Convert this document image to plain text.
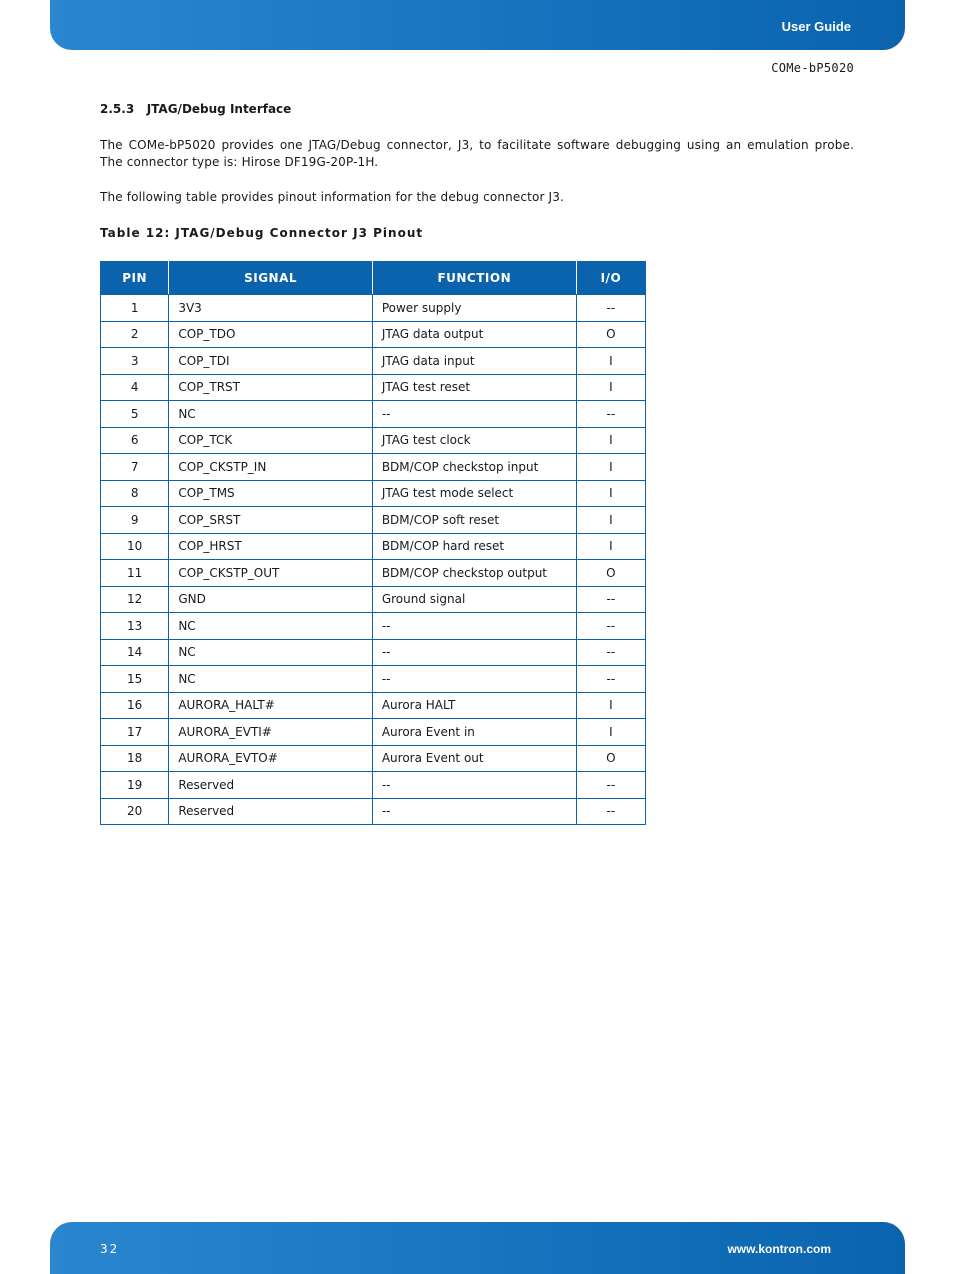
User Guide
COMe-bP5020
2.5.3   JTAG/Debug Interface
The COMe-bP5020 provides one JTAG/Debug connector, J3, to facilitate software debugging using an emulation probe. The connector type is: Hirose DF19G-20P-1H.
The following table provides pinout information for the debug connector J3.
Table 12: JTAG/Debug Connector J3 Pinout
PIN	SIGNAL	FUNCTION	I/O
1	3V3	Power supply	--
2	COP_TDO	JTAG data output	O
3	COP_TDI	JTAG data input	I
4	COP_TRST	JTAG test reset	I
5	NC	--	--
6	COP_TCK	JTAG test clock	I
7	COP_CKSTP_IN	BDM/COP checkstop input	I
8	COP_TMS	JTAG test mode select	I
9	COP_SRST	BDM/COP soft reset	I
10	COP_HRST	BDM/COP hard reset	I
11	COP_CKSTP_OUT	BDM/COP checkstop output	O
12	GND	Ground signal	--
13	NC	--	--
14	NC	--	--
15	NC	--	--
16	AURORA_HALT#	Aurora HALT	I
17	AURORA_EVTI#	Aurora Event in	I
18	AURORA_EVTO#	Aurora Event out	O
19	Reserved	--	--
20	Reserved	--	--
32	www.kontron.com
